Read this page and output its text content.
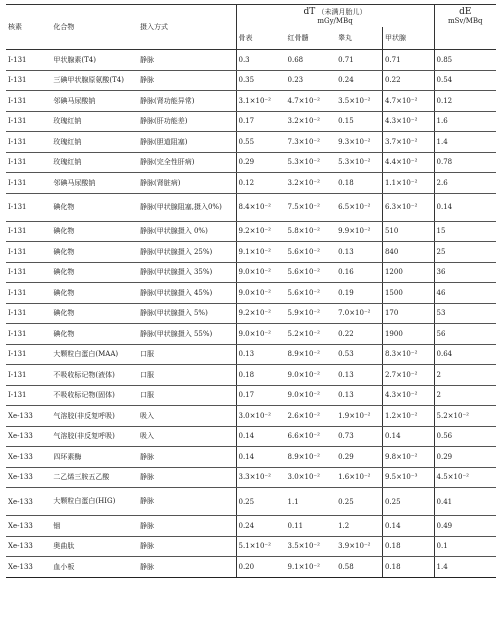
核素	化合物	摄入方式	dT （未满月胎儿）
mGy/MBq				dE
mSv/MBq
			骨表	红骨髓	睾丸	甲状腺	
Ⅰ-131	甲状腺素(T4)	静脉	0.3	0.68	0.71	0.71	0.85
Ⅰ-131	三碘甲状腺原氨酸(T4)	静脉	0.35	0.23	0.24	0.22	0.54
Ⅰ-131	邻碘马尿酸钠	静脉(肾功能异常)	3.1×10⁻²	4.7×10⁻²	3.5×10⁻²	4.7×10⁻²	0.12
Ⅰ-131	玫瑰红钠	静脉(肝功能差)	0.17	3.2×10⁻²	0.15	4.3×10⁻²	1.6
Ⅰ-131	玫瑰红钠	静脉(胆道阻塞)	0.55	7.3×10⁻²	9.3×10⁻²	3.7×10⁻²	1.4
Ⅰ-131	玫瑰红钠	静脉(完全性肝病)	0.29	5.3×10⁻²	5.3×10⁻²	4.4×10⁻²	0.78
Ⅰ-131	邻碘马尿酸钠	静脉(肾脏病)	0.12	3.2×10⁻²	0.18	1.1×10⁻²	2.6
Ⅰ-131	碘化物	静脉(甲状腺阻塞,摄入0%)	8.4×10⁻²	7.5×10⁻²	6.5×10⁻²	6.3×10⁻²	0.14
Ⅰ-131	碘化物	静脉(甲状腺摄入 0%)	9.2×10⁻²	5.8×10⁻²	9.9×10⁻²	510	15
Ⅰ-131	碘化物	静脉(甲状腺摄入 25%)	9.1×10⁻²	5.6×10⁻²	0.13	840	25
Ⅰ-131	碘化物	静脉(甲状腺摄入 35%)	9.0×10⁻²	5.6×10⁻²	0.16	1200	36
Ⅰ-131	碘化物	静脉(甲状腺摄入 45%)	9.0×10⁻²	5.6×10⁻²	0.19	1500	46
Ⅰ-131	碘化物	静脉(甲状腺摄入 5%)	9.2×10⁻²	5.9×10⁻²	7.0×10⁻²	170	53
Ⅰ-131	碘化物	静脉(甲状腺摄入 55%)	9.0×10⁻²	5.2×10⁻²	0.22	1900	56
Ⅰ-131	大颗粒白蛋白(MAA)	口服	0.13	8.9×10⁻²	0.53	8.3×10⁻²	0.64
Ⅰ-131	不吸收标记物(液体)	口服	0.18	9.0×10⁻²	0.13	2.7×10⁻²	2
Ⅰ-131	不吸收标记物(固体)	口服	0.17	9.0×10⁻²	0.13	4.3×10⁻²	2
Ⅹe-133	气溶胶(非反复呼吸)	吸入	3.0×10⁻²	2.6×10⁻²	1.9×10⁻²	1.2×10⁻²	5.2×10⁻²
Ⅹe-133	气溶胶(非反复呼吸)	吸入	0.14	6.6×10⁻²	0.73	0.14	0.56
Ⅹe-133	四环素酶	静脉	0.14	8.9×10⁻²	0.29	9.8×10⁻²	0.29
Ⅹe-133	二乙烯三胺五乙酸	静脉	3.3×10⁻²	3.0×10⁻²	1.6×10⁻²	9.5×10⁻³	4.5×10⁻²
Ⅹe-133	大颗粒白蛋白(HIG)	静脉	0.25	1.1	0.25	0.25	0.41
Ⅹe-133	铟	静脉	0.24	0.11	1.2	0.14	0.49
Ⅹe-133	奥曲肽	静脉	5.1×10⁻²	3.5×10⁻²	3.9×10⁻²	0.18	0.1
Ⅹe-133	血小板	静脉	0.20	9.1×10⁻²	0.58	0.18	1.4
